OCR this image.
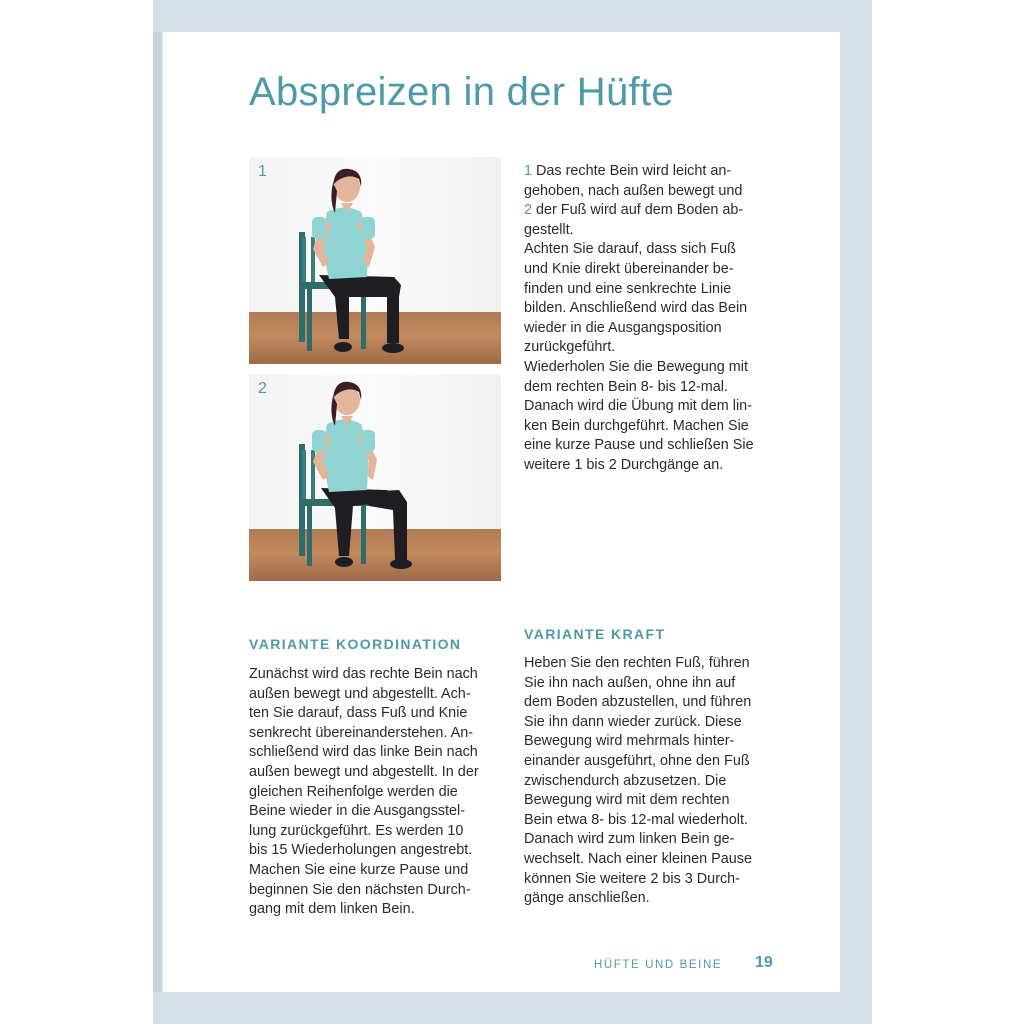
Abspreizen in der Hüfte
1
2
1 Das rechte Bein wird leicht an-
gehoben, nach außen bewegt und
2 der Fuß wird auf dem Boden ab-
gestellt.
Achten Sie darauf, dass sich Fuß
und Knie direkt übereinander be-
finden und eine senkrechte Linie
bilden. Anschließend wird das Bein
wieder in die Ausgangsposition
zurückgeführt.
Wiederholen Sie die Bewegung mit
dem rechten Bein 8- bis 12-mal.
Danach wird die Übung mit dem lin-
ken Bein durchgeführt. Machen Sie
eine kurze Pause und schließen Sie
weitere 1 bis 2 Durchgänge an.
VARIANTE KOORDINATION
Zunächst wird das rechte Bein nach
außen bewegt und abgestellt. Ach-
ten Sie darauf, dass Fuß und Knie
senkrecht übereinanderstehen. An-
schließend wird das linke Bein nach
außen bewegt und abgestellt. In der
gleichen Reihenfolge werden die
Beine wieder in die Ausgangsstel-
lung zurückgeführt. Es werden 10
bis 15 Wiederholungen angestrebt.
Machen Sie eine kurze Pause und
beginnen Sie den nächsten Durch-
gang mit dem linken Bein.
VARIANTE KRAFT
Heben Sie den rechten Fuß, führen
Sie ihn nach außen, ohne ihn auf
dem Boden abzustellen, und führen
Sie ihn dann wieder zurück. Diese
Bewegung wird mehrmals hinter-
einander ausgeführt, ohne den Fuß
zwischendurch abzusetzen. Die
Bewegung wird mit dem rechten
Bein etwa 8- bis 12-mal wiederholt.
Danach wird zum linken Bein ge-
wechselt. Nach einer kleinen Pause
können Sie weitere 2 bis 3 Durch-
gänge anschließen.
HÜFTE UND BEINE 19
